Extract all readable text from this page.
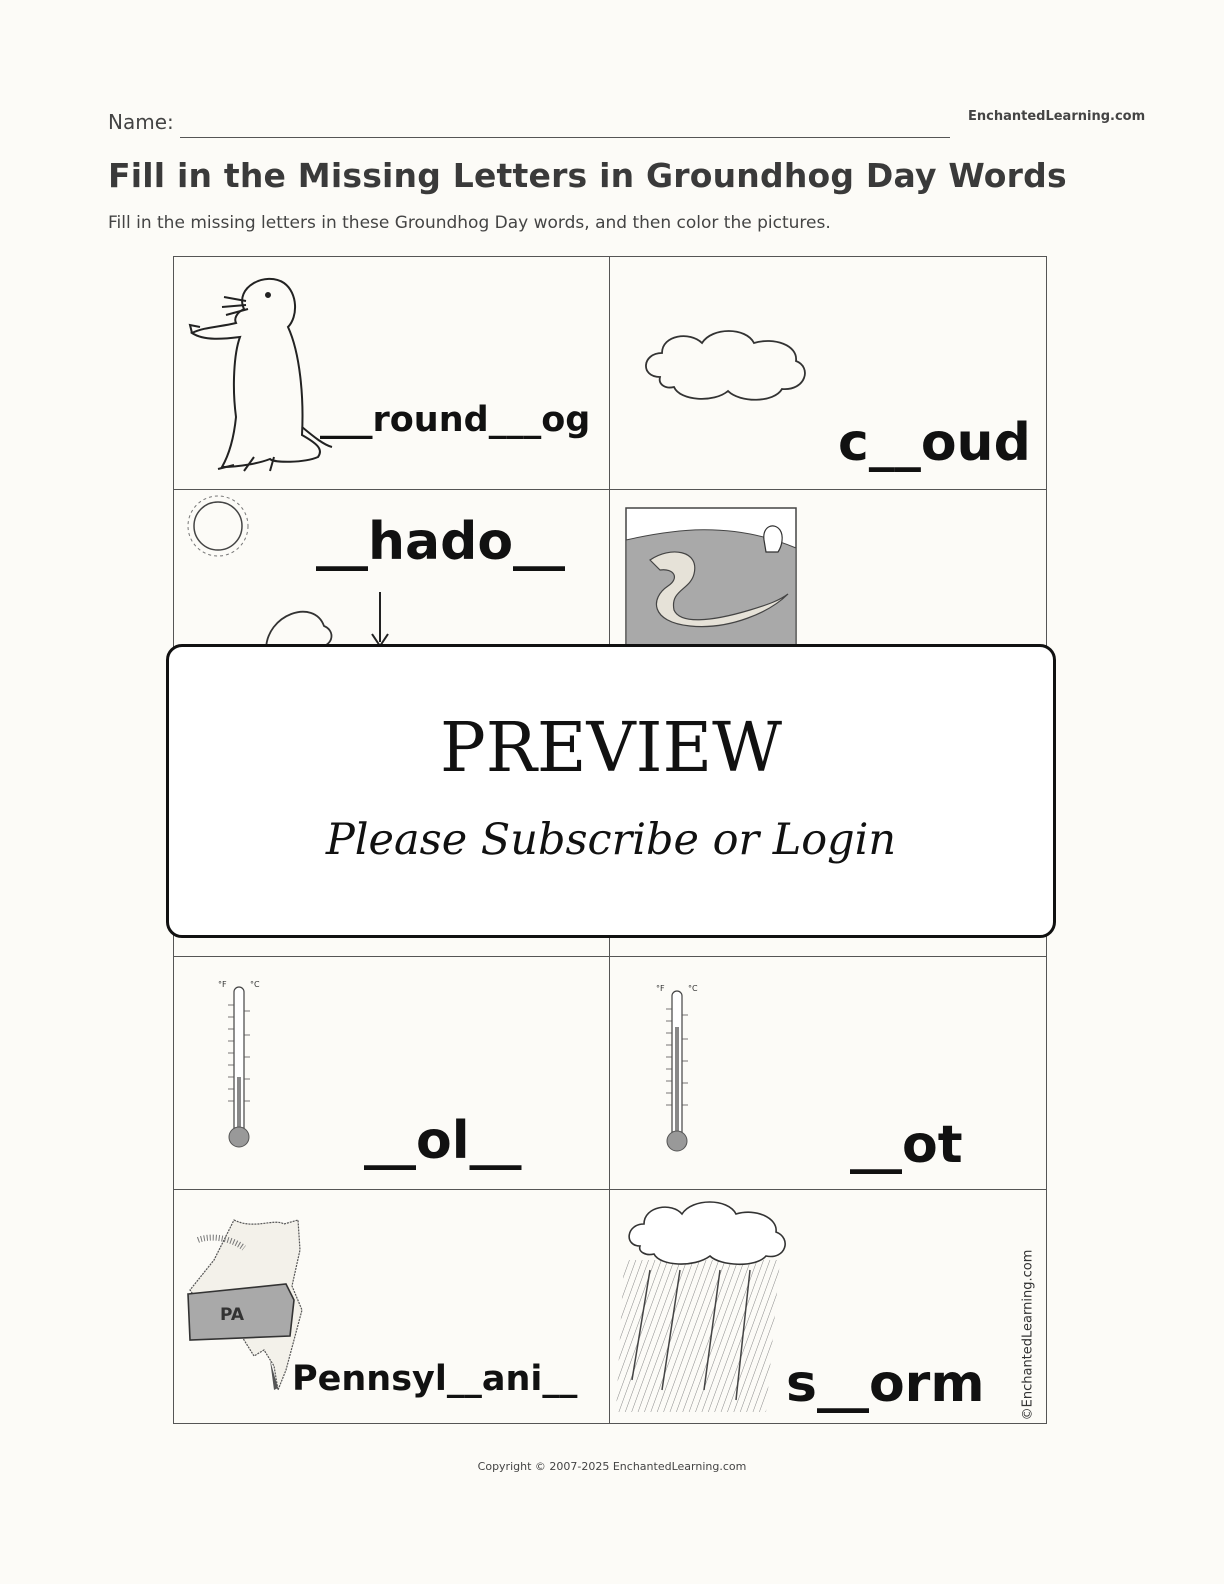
Name:	EnchantedLearning.com
Fill in the Missing Letters in Groundhog Day Words
Fill in the missing letters in these Groundhog Day words, and then color the pictures.
___round___og	c__oud
__hado__
°F	°C
__ol__
°F	°C
__ot
PA
Pennsyl__ani__	s__orm	©EnchantedLearning.com
PREVIEW
Please Subscribe or Login
Copyright © 2007-2025 EnchantedLearning.com
